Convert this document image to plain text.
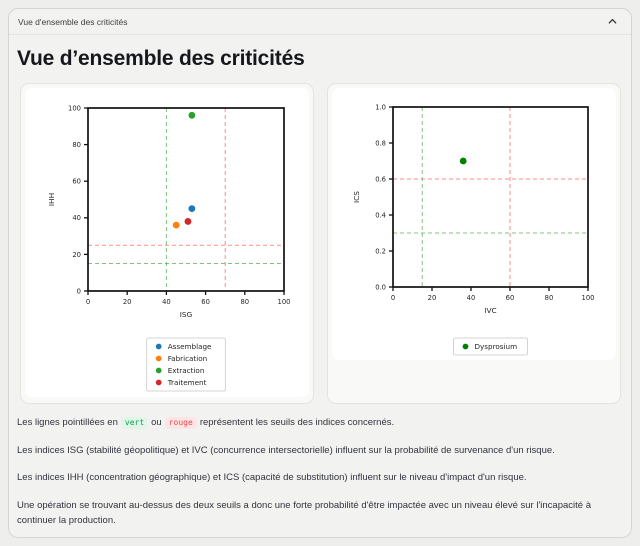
Vue d'ensemble des criticités
Vue d’ensemble des criticités
0	20	40	60	80	100
0
20
40
60
80
100
ISG
IHH
Assemblage
Fabrication
Extraction
Traitement
0	20	40	60	80	100
0.0
0.2
0.4
0.6
0.8
1.0
IVC
ICS
Dysprosium

Les lignes pointillées en vert ou rouge représentent les seuils des indices concernés.

Les indices ISG (stabilité géopolitique) et IVC (concurrence intersectorielle) influent sur la probabilité de survenance d'un risque.

Les indices IHH (concentration géographique) et ICS (capacité de substitution) influent sur le niveau d'impact d'un risque.

Une opération se trouvant au-dessus des deux seuils a donc une forte probabilité d'être impactée avec un niveau élevé sur l'incapacité à continuer la production.
